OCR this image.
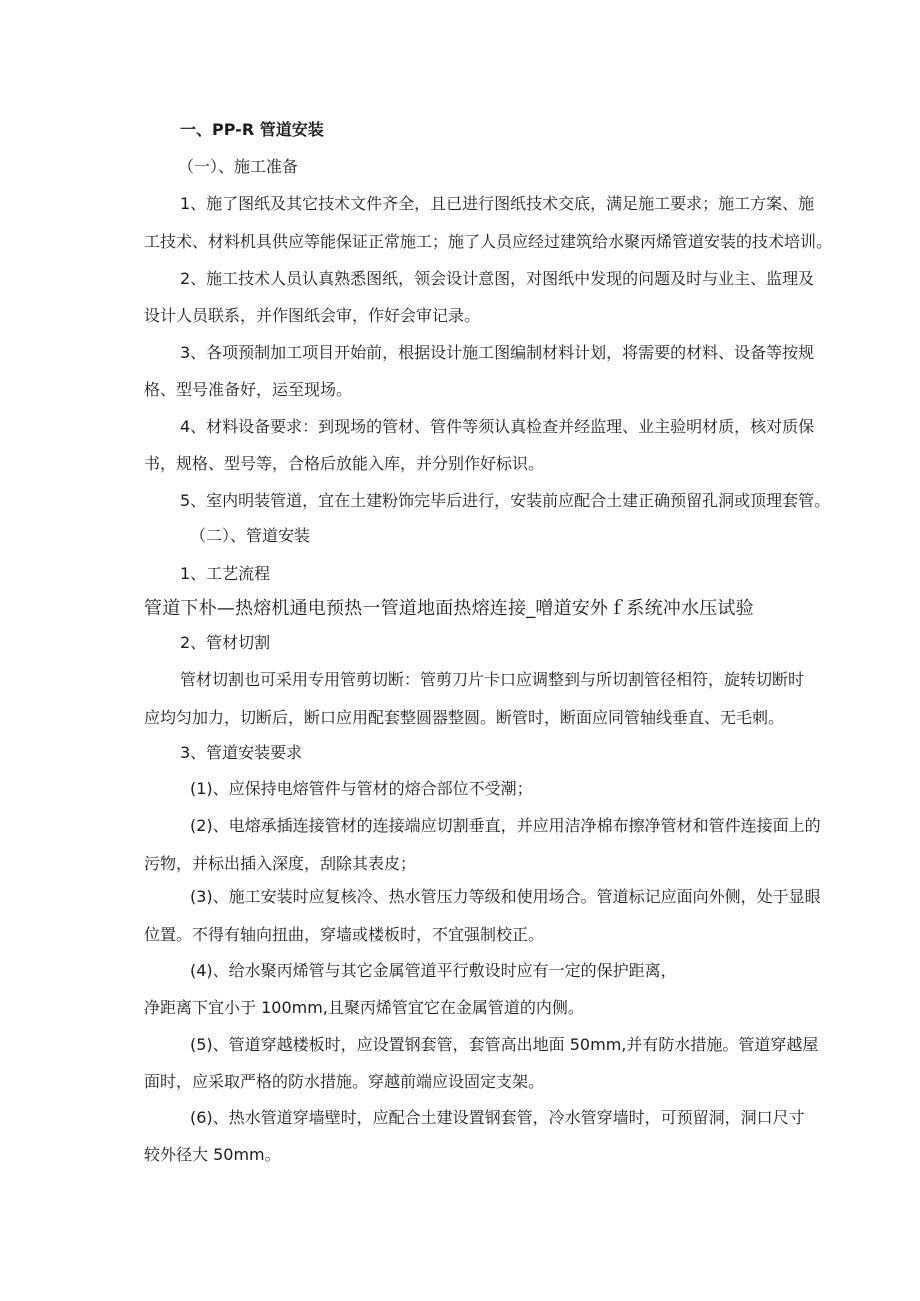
一、PP-R 管道安装
（一）、施工准备
1、施了图纸及其它技术文件齐全，且已进行图纸技术交底，满足施工要求；施工方案、施
工技术、材料机具供应等能保证正常施工；施了人员应经过建筑给水聚丙烯管道安装的技术培训。
2、施工技术人员认真熟悉图纸，领会设计意图，对图纸中发现的问题及时与业主、监理及
设计人员联系，并作图纸会审，作好会审记录。
3、各项预制加工项目开始前，根据设计施工图编制材料计划，将需要的材料、设备等按规
格、型号准备好，运至现场。
4、材料设备要求：到现场的管材、管件等须认真检查并经监理、业主验明材质，核对质保
书，规格、型号等，合格后放能入库，并分别作好标识。
5、室内明装管道，宜在土建粉饰完毕后进行，安装前应配合土建正确预留孔洞或顶理套管。
（二）、管道安装
1、工艺流程
管道下朴—热熔机通电预热一管道地面热熔连接_噌道安外ｆ系统冲水压试验
2、管材切割
管材切割也可采用专用管剪切断：管剪刀片卡口应调整到与所切割管径相符，旋转切断时
应均匀加力，切断后，断口应用配套整圆器整圆。断管时，断面应同管轴线垂直、无毛刺。
3、管道安装要求
(1)、应保持电熔管件与管材的熔合部位不受潮；
(2)、电熔承插连接管材的连接端应切割垂直，并应用洁净棉布擦净管材和管件连接面上的
污物，并标出插入深度，刮除其表皮；
(3)、施工安装时应复核冷、热水管压力等级和使用场合。管道标记应面向外侧，处于显眼
位置。不得有轴向扭曲，穿墙或楼板时，不宜强制校正。
(4)、给水聚丙烯管与其它金属管道平行敷设时应有一定的保护距离，
净距离下宜小于 100mm,且聚丙烯管宜它在金属管道的内侧。
(5)、管道穿越楼板时，应设置钢套管，套管高出地面 50mm,并有防水措施。管道穿越屋
面时，应采取严格的防水措施。穿越前端应设固定支架。
(6)、热水管道穿墙壁时，应配合土建设置钢套管，冷水管穿墙时，可预留洞，洞口尺寸
较外径大 50mm。
